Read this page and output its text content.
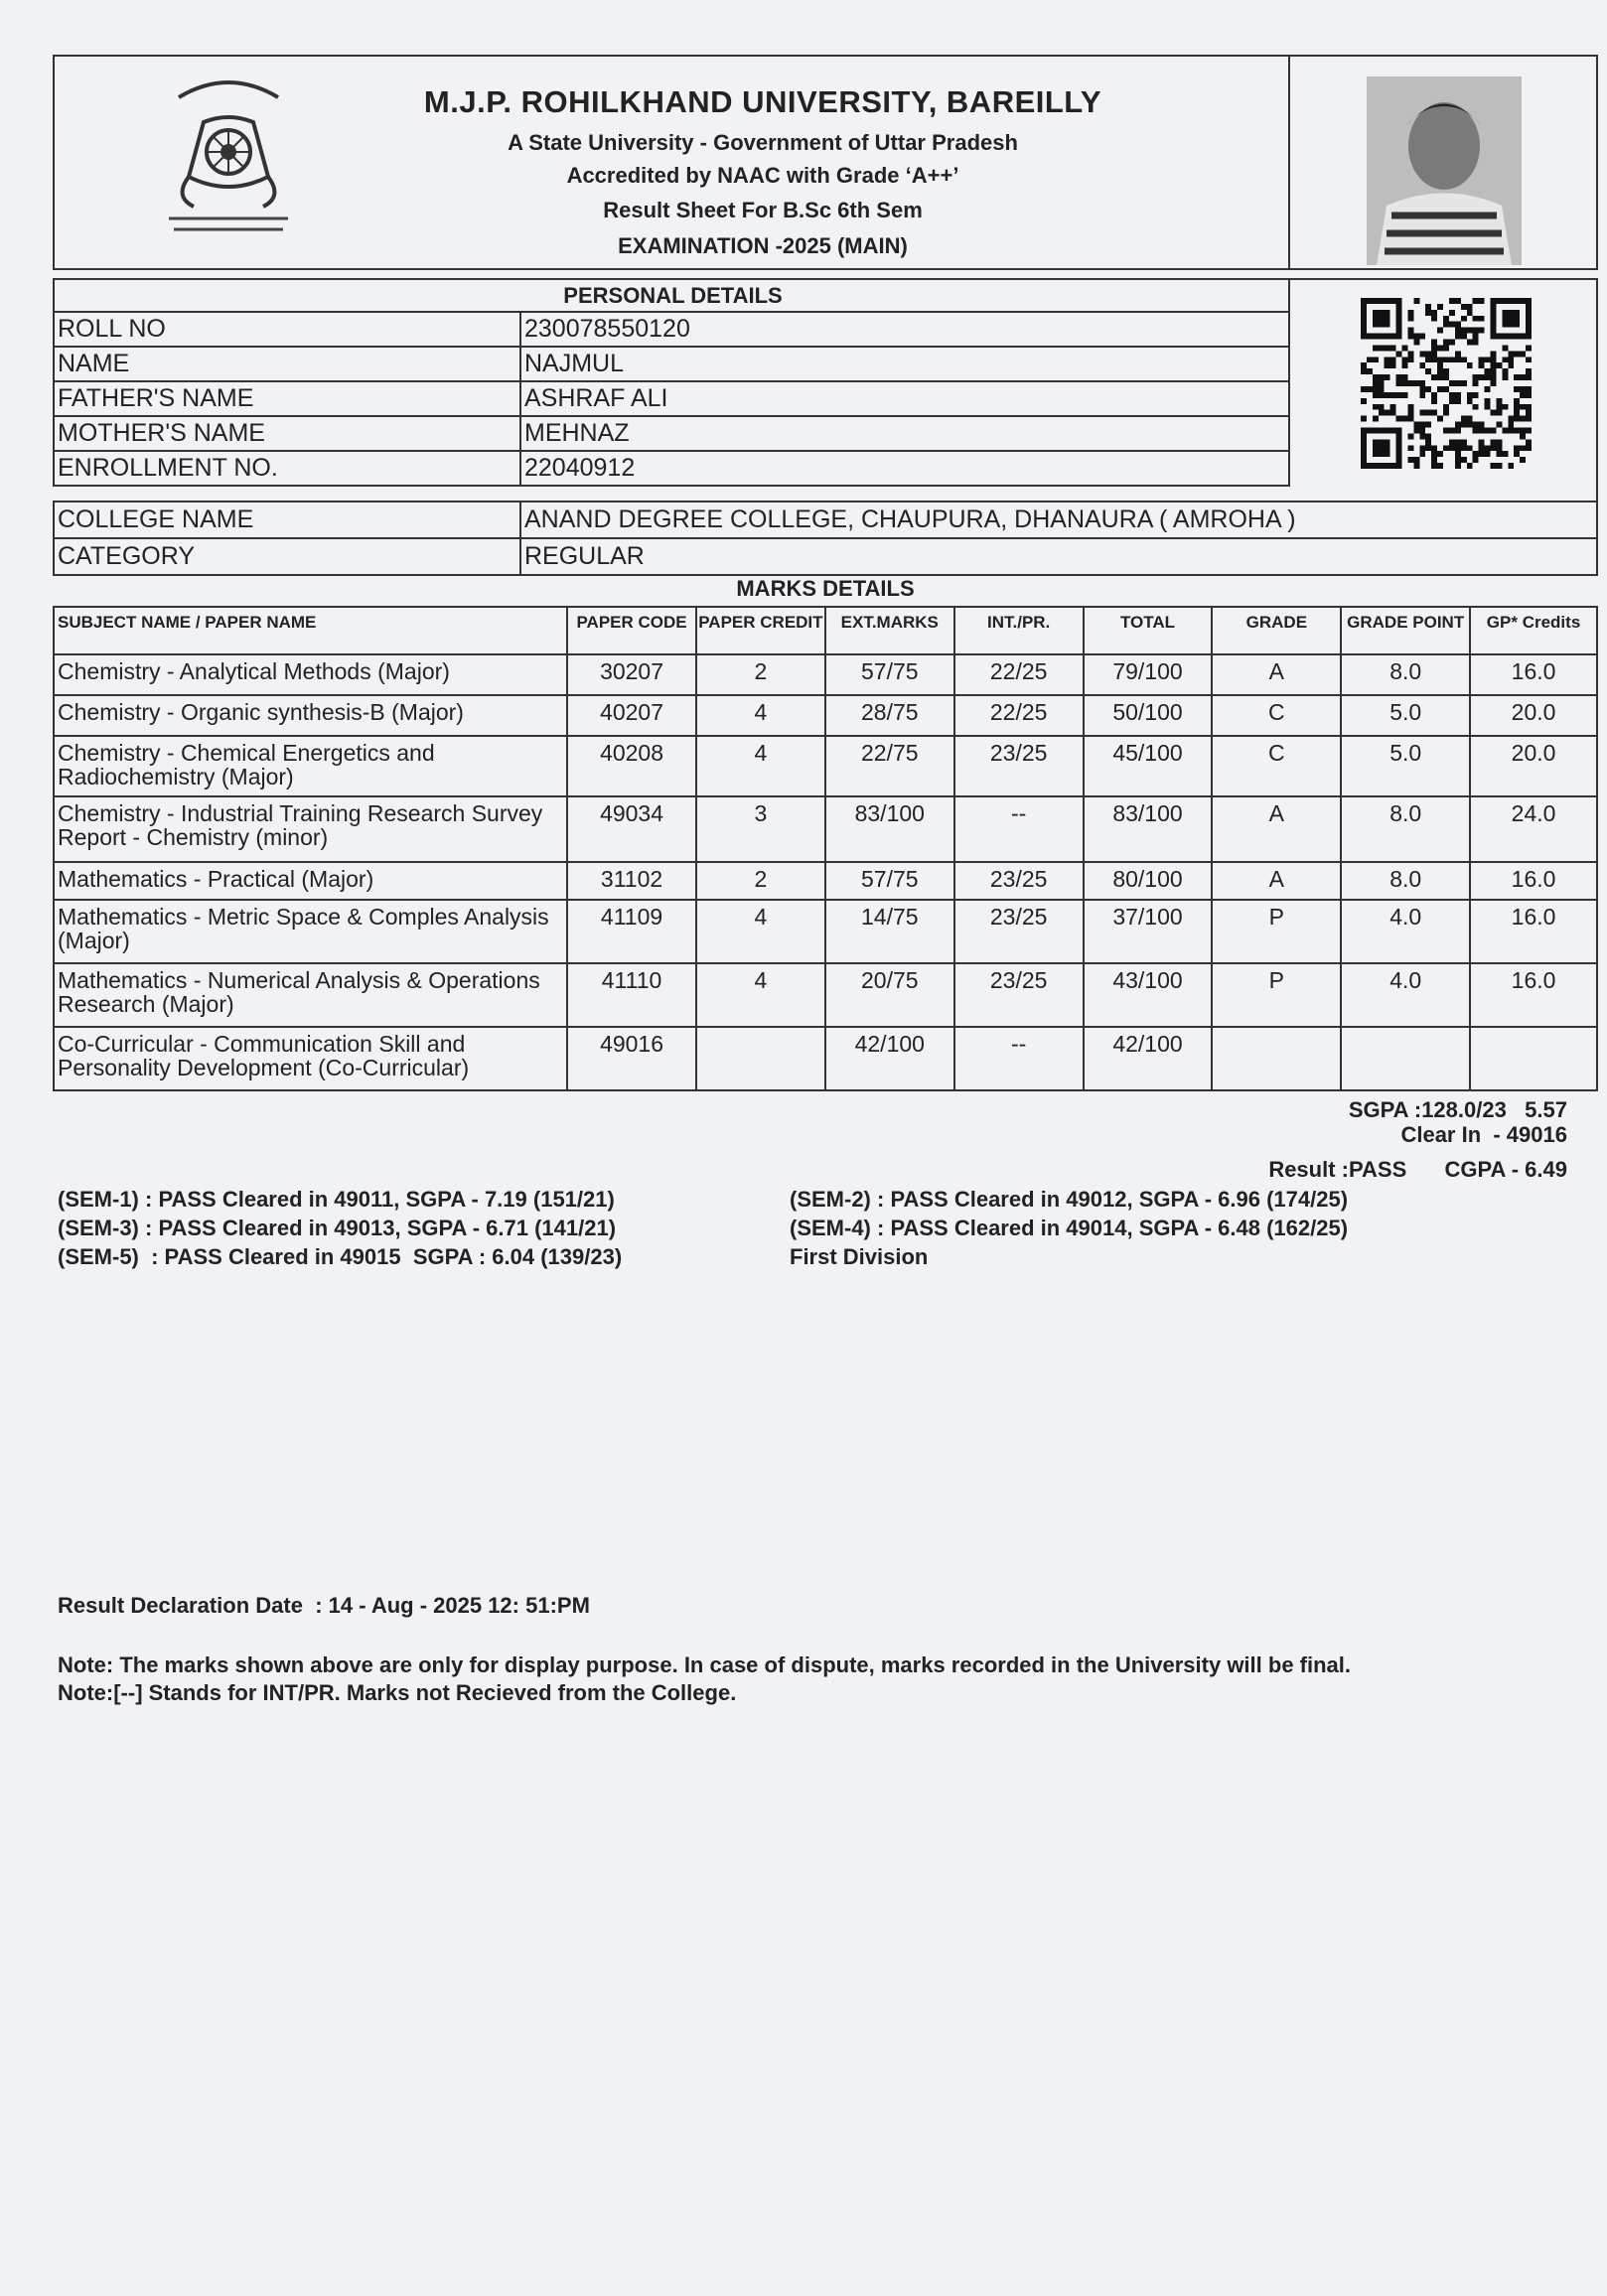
M.J.P. ROHILKHAND UNIVERSITY, BAREILLY
A State University - Government of Uttar Pradesh
Accredited by NAAC with Grade ‘A++’
Result Sheet For B.Sc 6th Sem
EXAMINATION -2025 (MAIN)
PERSONAL DETAILS	
ROLL NO	230078550120
NAME	NAJMUL
FATHER'S NAME	ASHRAF ALI
MOTHER'S NAME	MEHNAZ
ENROLLMENT NO.	22040912
COLLEGE NAME	ANAND DEGREE COLLEGE, CHAUPURA, DHANAURA ( AMROHA )
CATEGORY	REGULAR
MARKS DETAILS
SUBJECT NAME / PAPER NAME	PAPER CODE	PAPER CREDIT	EXT.MARKS	INT./PR.	TOTAL	GRADE	GRADE POINT	GP* Credits
Chemistry - Analytical Methods (Major)	30207	2	57/75	22/25	79/100	A	8.0	16.0
Chemistry - Organic synthesis-B (Major)	40207	4	28/75	22/25	50/100	C	5.0	20.0
Chemistry - Chemical Energetics and Radiochemistry (Major)	40208	4	22/75	23/25	45/100	C	5.0	20.0
Chemistry - Industrial Training Research Survey Report - Chemistry (minor)	49034	3	83/100	--	83/100	A	8.0	24.0
Mathematics - Practical (Major)	31102	2	57/75	23/25	80/100	A	8.0	16.0
Mathematics - Metric Space & Comples Analysis (Major)	41109	4	14/75	23/25	37/100	P	4.0	16.0
Mathematics - Numerical Analysis & Operations Research (Major)	41110	4	20/75	23/25	43/100	P	4.0	16.0
Co-Curricular - Communication Skill and Personality Development (Co-Curricular)	49016		42/100	--	42/100			
SGPA :128.0/23   5.57
Clear In  - 49016
Result :PASS CGPA - 6.49
(SEM-1) : PASS Cleared in 49011, SGPA - 7.19 (151/21)
(SEM-3) : PASS Cleared in 49013, SGPA - 6.71 (141/21)
(SEM-5)  : PASS Cleared in 49015  SGPA : 6.04 (139/23)
(SEM-2) : PASS Cleared in 49012, SGPA - 6.96 (174/25)
(SEM-4) : PASS Cleared in 49014, SGPA - 6.48 (162/25)
First Division
Result Declaration Date  : 14 - Aug - 2025 12: 51:PM
Note: The marks shown above are only for display purpose. In case of dispute, marks recorded in the University will be final.
Note:[--] Stands for INT/PR. Marks not Recieved from the College.
